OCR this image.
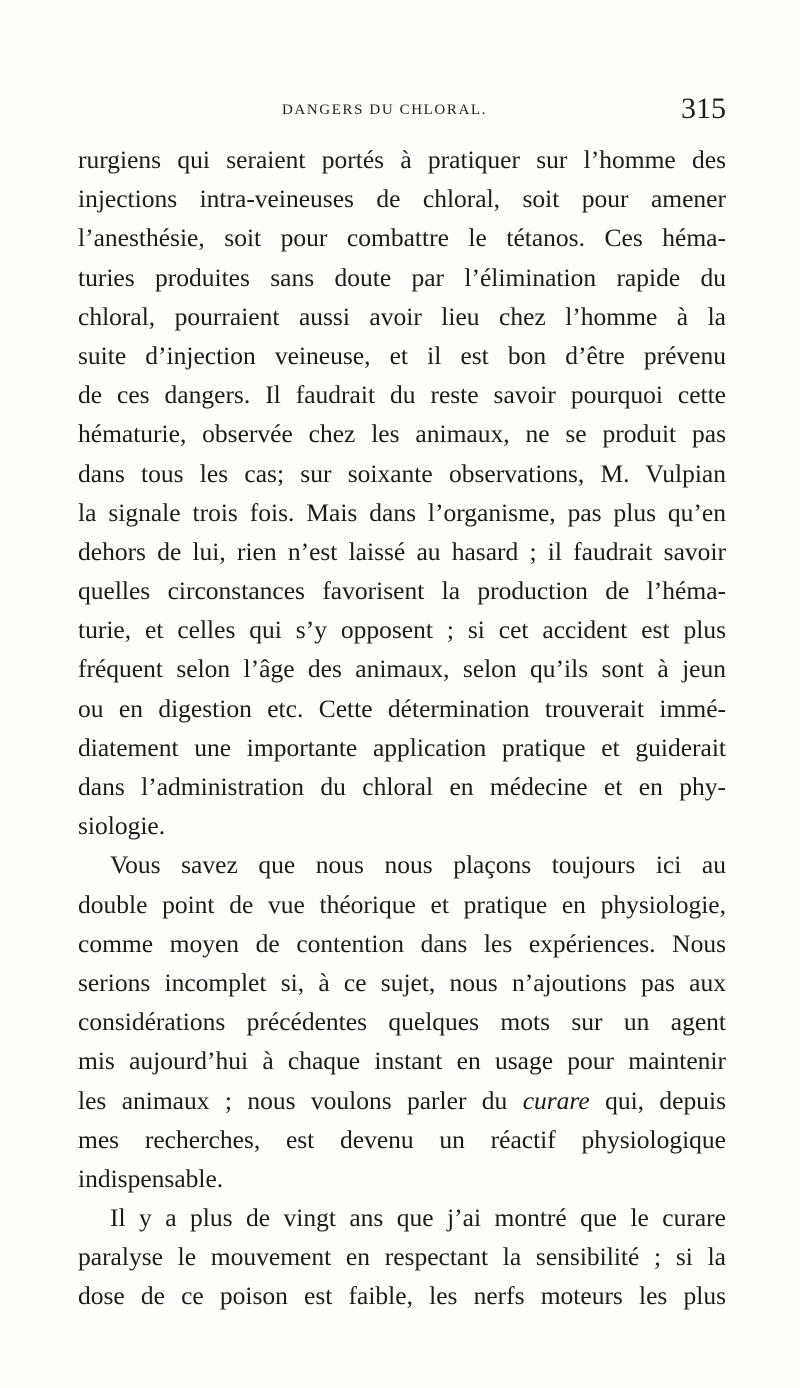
DANGERS DU CHLORAL.	315
rurgiens qui seraient portés à pratiquer sur l’homme des
injections intra-veineuses de chloral, soit pour amener
l’anesthésie, soit pour combattre le tétanos. Ces héma-
turies produites sans doute par l’élimination rapide du
chloral, pourraient aussi avoir lieu chez l’homme à la
suite d’injection veineuse, et il est bon d’être prévenu
de ces dangers. Il faudrait du reste savoir pourquoi cette
hématurie, observée chez les animaux, ne se produit pas
dans tous les cas; sur soixante observations, M. Vulpian
la signale trois fois. Mais dans l’organisme, pas plus qu’en
dehors de lui, rien n’est laissé au hasard ; il faudrait savoir
quelles circonstances favorisent la production de l’héma-
turie, et celles qui s’y opposent ; si cet accident est plus
fréquent selon l’âge des animaux, selon qu’ils sont à jeun
ou en digestion etc. Cette détermination trouverait immé-
diatement une importante application pratique et guiderait
dans l’administration du chloral en médecine et en phy-
siologie.
Vous savez que nous nous plaçons toujours ici au
double point de vue théorique et pratique en physiologie,
comme moyen de contention dans les expériences. Nous
serions incomplet si, à ce sujet, nous n’ajoutions pas aux
considérations précédentes quelques mots sur un agent
mis aujourd’hui à chaque instant en usage pour maintenir
les animaux ; nous voulons parler du curare qui, depuis
mes recherches, est devenu un réactif physiologique
indispensable.
Il y a plus de vingt ans que j’ai montré que le curare
paralyse le mouvement en respectant la sensibilité ; si la
dose de ce poison est faible, les nerfs moteurs les plus
